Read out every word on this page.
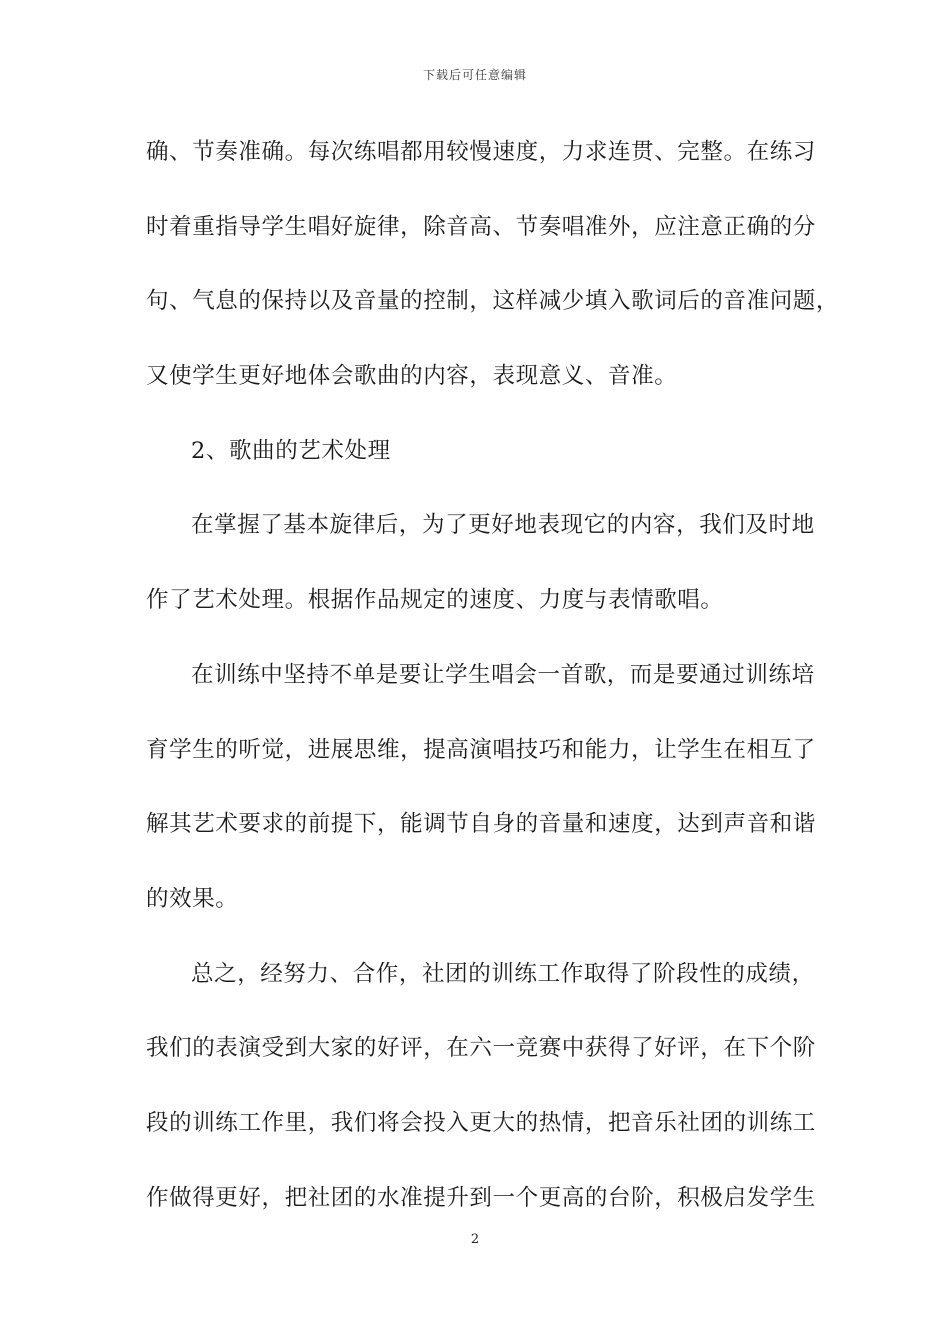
下载后可任意编辑
确、节奏准确。每次练唱都用较慢速度，力求连贯、完整。在练习
时着重指导学生唱好旋律，除音高、节奏唱准外，应注意正确的分
句、气息的保持以及音量的控制，这样减少填入歌词后的音准问题，
又使学生更好地体会歌曲的内容，表现意义、音准。
2、歌曲的艺术处理
在掌握了基本旋律后，为了更好地表现它的内容，我们及时地
作了艺术处理。根据作品规定的速度、力度与表情歌唱。
在训练中坚持不单是要让学生唱会一首歌，而是要通过训练培
育学生的听觉，进展思维，提高演唱技巧和能力，让学生在相互了
解其艺术要求的前提下，能调节自身的音量和速度，达到声音和谐
的效果。
总之，经努力、合作，社团的训练工作取得了阶段性的成绩，
我们的表演受到大家的好评，在六一竞赛中获得了好评，在下个阶
段的训练工作里，我们将会投入更大的热情，把音乐社团的训练工
作做得更好，把社团的水准提升到一个更高的台阶，积极启发学生
2
